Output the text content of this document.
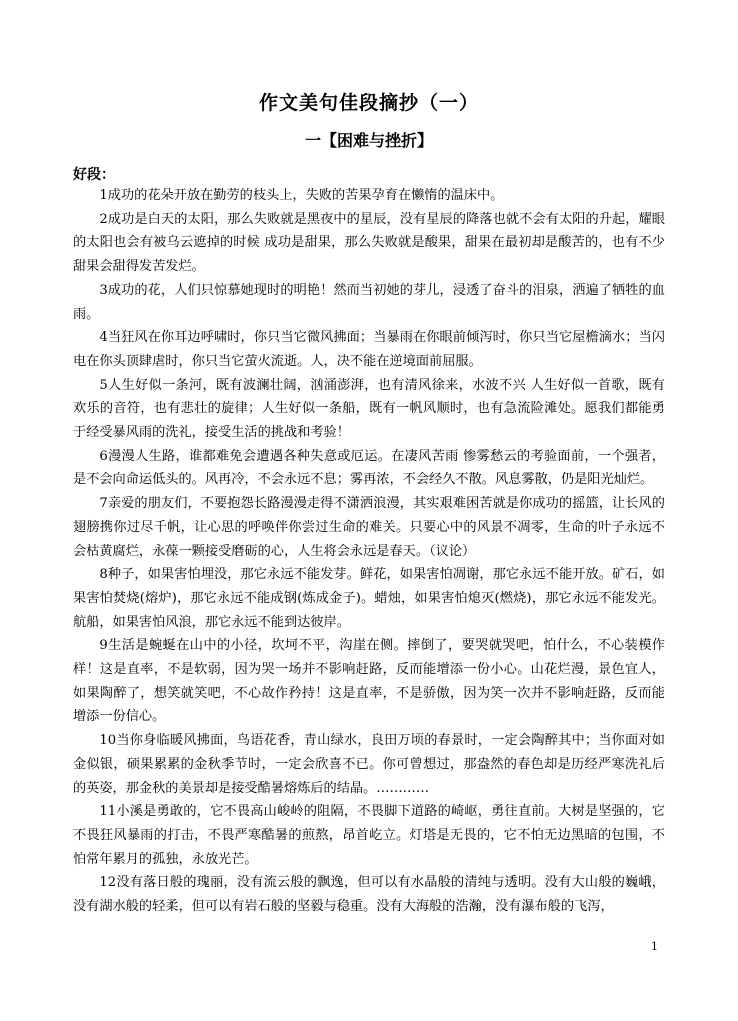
作文美句佳段摘抄（一）
一【困难与挫折】
好段：

1成功的花朵开放在勤劳的枝头上，失败的苦果孕育在懒惰的温床中。

2成功是白天的太阳，那么失败就是黑夜中的星辰，没有星辰的降落也就不会有太阳的升起，耀眼的太阳也会有被乌云遮掉的时候 成功是甜果，那么失败就是酸果，甜果在最初却是酸苦的，也有不少甜果会甜得发苦发烂。

3成功的花，人们只惊慕她现时的明艳！然而当初她的芽儿，浸透了奋斗的泪泉，洒遍了牺牲的血雨。

4当狂风在你耳边呼啸时，你只当它微风拂面；当暴雨在你眼前倾泻时，你只当它屋檐滴水；当闪电在你头顶肆虐时，你只当它萤火流逝。人，决不能在逆境面前屈服。

5人生好似一条河，既有波澜壮阔，汹涌澎湃，也有清风徐来，水波不兴 人生好似一首歌，既有欢乐的音符，也有悲壮的旋律；人生好似一条船，既有一帆风顺时，也有急流险滩处。愿我们都能勇于经受暴风雨的洗礼，接受生活的挑战和考验！

6漫漫人生路，谁都难免会遭遇各种失意或厄运。在凄风苦雨 惨雾愁云的考验面前，一个强者，是不会向命运低头的。风再冷，不会永远不息；雾再浓，不会经久不散。风息雾散，仍是阳光灿烂。

7亲爱的朋友们，不要抱怨长路漫漫走得不潇洒浪漫，其实艰难困苦就是你成功的摇篮，让长风的翅膀携你过尽千帆，让心思的呼唤伴你尝过生命的难关。只要心中的风景不凋零，生命的叶子永远不会枯黄腐烂，永葆一颗接受磨砺的心，人生将会永远是春天。（议论）

8种子，如果害怕埋没，那它永远不能发芽。鲜花，如果害怕凋谢，那它永远不能开放。矿石，如果害怕焚烧(熔炉)，那它永远不能成钢(炼成金子)。蜡烛，如果害怕熄灭(燃烧)，那它永远不能发光。航船，如果害怕风浪，那它永远不能到达彼岸。

9生活是蜿蜒在山中的小径，坎坷不平，沟崖在侧。摔倒了，要哭就哭吧，怕什么，不心装模作样！这是直率，不是软弱，因为哭一场并不影响赶路，反而能增添一份小心。山花烂漫，景色宜人，如果陶醉了，想笑就笑吧，不心故作矜持！这是直率，不是骄傲，因为笑一次并不影响赶路，反而能增添一份信心。

10当你身临暖风拂面，鸟语花香，青山绿水，良田万顷的春景时，一定会陶醉其中；当你面对如金似银，硕果累累的金秋季节时，一定会欣喜不已。你可曾想过，那盎然的春色却是历经严寒洗礼后的英姿，那金秋的美景却是接受酷暑熔炼后的结晶。…………

11小溪是勇敢的，它不畏高山峻岭的阻隔，不畏脚下道路的崎岖，勇往直前。大树是坚强的，它不畏狂风暴雨的打击，不畏严寒酷暑的煎熬，昂首屹立。灯塔是无畏的，它不怕无边黑暗的包围，不怕常年累月的孤独，永放光芒。

12没有落日般的瑰丽，没有流云般的飘逸，但可以有水晶般的清纯与透明。没有大山般的巍峨，没有湖水般的轻柔，但可以有岩石般的坚毅与稳重。没有大海般的浩瀚，没有瀑布般的飞泻，

1
